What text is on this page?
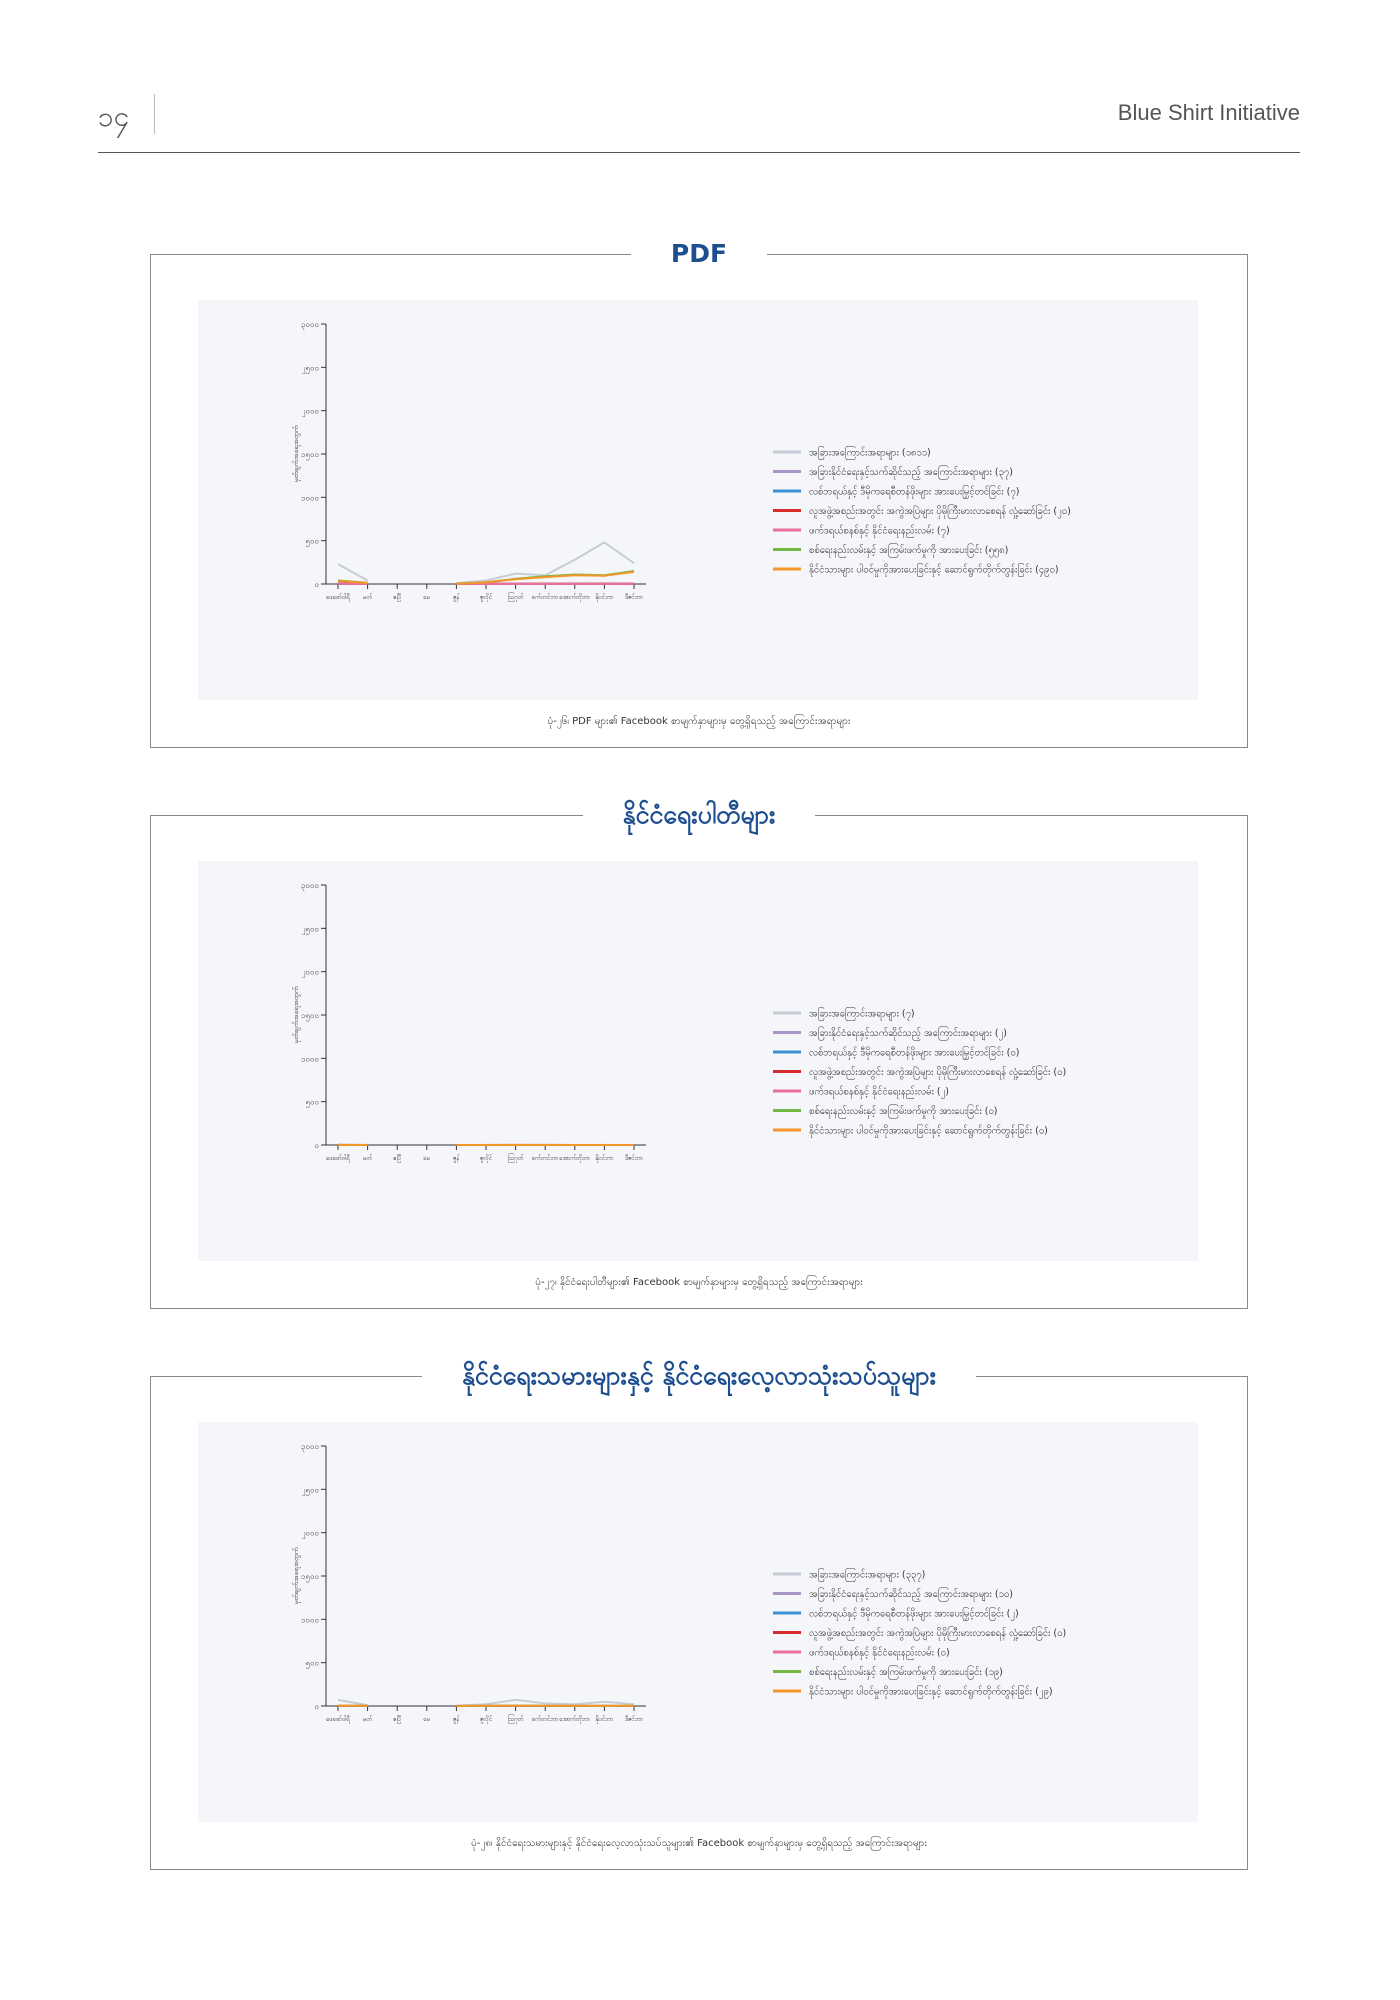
၁၄	Blue Shirt Initiative
PDF
၀
၅၀၀
၁၀၀၀
၁၅၀၀
၂၀၀၀
၂၅၀၀
၃၀၀၀
မှတ်ချက်အရေအတွက်
ဖေဖော်ဝါရီ မတ်	ဧပြီ	မေ	ဇွန်	ဇူလိုင်	ဩဂုတ် စက်တင်ဘာ အောက်တိုဘာ နိုဝင်ဘာ ဒီဇင်ဘာ
အခြားအကြောင်းအရာများ (၁၈၁၁)
အခြားနိုင်ငံရေးနှင့်သက်ဆိုင်သည့် အကြောင်းအရာများ (၃၇)
လစ်ဘရယ်နှင့် ဒီမိုကရေစီတန်ဖိုးများ အားပေးမြှင့်တင်ခြင်း (၇)
လူအဖွဲ့အစည်းအတွင်း အကွဲအပြဲများ ပိုမိုကြီးမားလာစေရန် လှုံ့ဆော်ခြင်း (၂၀)
ဖက်ဒရယ်စနစ်နှင့် နိုင်ငံရေးနည်းလမ်း (၇)
စစ်ရေးနည်းလမ်းနှင့် အကြမ်းဖက်မှုကို အားပေးခြင်း (၅၅၈)
နိုင်ငံသားများ ပါဝင်မှုကိုအားပေးခြင်းနှင့် ဆောင်ရွက်တိုက်တွန်းခြင်း (၄၉၀)
ပုံ-၂၆၊ PDF များ၏ Facebook စာမျက်နှာများမှ တွေ့ရှိရသည့် အကြောင်းအရာများ
နိုင်ငံရေးပါတီများ
၀
၅၀၀
၁၀၀၀
၁၅၀၀
၂၀၀၀
၂၅၀၀
၃၀၀၀
မှတ်ချက်အရေအတွက်
ဖေဖော်ဝါရီ မတ်	ဧပြီ	မေ	ဇွန်	ဇူလိုင်	ဩဂုတ် စက်တင်ဘာ အောက်တိုဘာ နိုဝင်ဘာ ဒီဇင်ဘာ
အခြားအကြောင်းအရာများ (၇)
အခြားနိုင်ငံရေးနှင့်သက်ဆိုင်သည့် အကြောင်းအရာများ (၂)
လစ်ဘရယ်နှင့် ဒီမိုကရေစီတန်ဖိုးများ အားပေးမြှင့်တင်ခြင်း (၀)
လူအဖွဲ့အစည်းအတွင်း အကွဲအပြဲများ ပိုမိုကြီးမားလာစေရန် လှုံ့ဆော်ခြင်း (၀)
ဖက်ဒရယ်စနစ်နှင့် နိုင်ငံရေးနည်းလမ်း (၂)
စစ်ရေးနည်းလမ်းနှင့် အကြမ်းဖက်မှုကို အားပေးခြင်း (၀)
နိုင်ငံသားများ ပါဝင်မှုကိုအားပေးခြင်းနှင့် ဆောင်ရွက်တိုက်တွန်းခြင်း (၀)
ပုံ-၂၇၊ နိုင်ငံရေးပါတီများ၏ Facebook စာမျက်နှာများမှ တွေ့ရှိရသည့် အကြောင်းအရာများ
နိုင်ငံရေးသမားများနှင့် နိုင်ငံရေးလေ့လာသုံးသပ်သူများ
၀
၅၀၀
၁၀၀၀
၁၅၀၀
၂၀၀၀
၂၅၀၀
၃၀၀၀
မှတ်ချက်အရေအတွက်
ဖေဖော်ဝါရီ မတ်	ဧပြီ	မေ	ဇွန်	ဇူလိုင်	ဩဂုတ် စက်တင်ဘာ အောက်တိုဘာ နိုဝင်ဘာ ဒီဇင်ဘာ
အခြားအကြောင်းအရာများ (၃၃၇)
အခြားနိုင်ငံရေးနှင့်သက်ဆိုင်သည့် အကြောင်းအရာများ (၁၀)
လစ်ဘရယ်နှင့် ဒီမိုကရေစီတန်ဖိုးများ အားပေးမြှင့်တင်ခြင်း (၂)
လူအဖွဲ့အစည်းအတွင်း အကွဲအပြဲများ ပိုမိုကြီးမားလာစေရန် လှုံ့ဆော်ခြင်း (၀)
ဖက်ဒရယ်စနစ်နှင့် နိုင်ငံရေးနည်းလမ်း (၀)
စစ်ရေးနည်းလမ်းနှင့် အကြမ်းဖက်မှုကို အားပေးခြင်း (၁၉)
နိုင်ငံသားများ ပါဝင်မှုကိုအားပေးခြင်းနှင့် ဆောင်ရွက်တိုက်တွန်းခြင်း (၂၉)
ပုံ-၂၈၊ နိုင်ငံရေးသမားများနှင့် နိုင်ငံရေးလေ့လာသုံးသပ်သူများ၏ Facebook စာမျက်နှာများမှ တွေ့ရှိရသည့် အကြောင်းအရာများ
